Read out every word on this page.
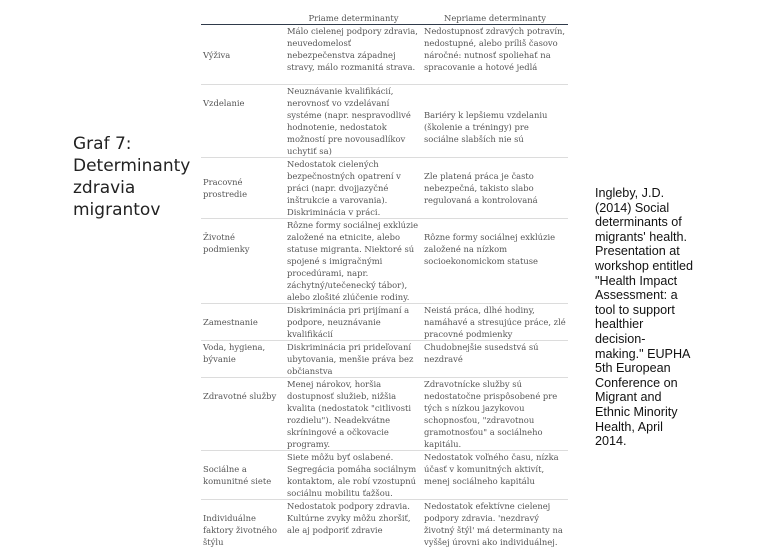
Graf 7: Determinanty zdravia migrantov
	Priame determinanty	Nepriame determinanty
Výživa	Málo cielenej podpory zdravia, neuvedomelosť nebezpečenstva západnej stravy, málo rozmanitá strava.	Nedostupnosť zdravých potravín, nedostupné, alebo príliš časovo náročné: nutnosť spoliehať na spracovanie a hotové jedlá
Vzdelanie	Neuznávanie kvalifikácií, nerovnosť vo vzdelávaní systéme (napr. nespravodlivé hodnotenie, nedostatok možností pre novousadlíkov uchytiť sa)	Bariéry k lepšiemu vzdelaniu (školenie a tréningy) pre sociálne slabších nie sú
Pracovné prostredie	Nedostatok cielených bezpečnostných opatrení v práci (napr. dvojjazyčné inštrukcie a varovania). Diskriminácia v práci.	Zle platená práca je často nebezpečná, takisto slabo regulovaná a kontrolovaná
Životné podmienky	Rôzne formy sociálnej exklúzie založené na etnicite, alebo statuse migranta. Niektoré sú spojené s imigračnými procedúrami, napr. záchytný/utečenecký tábor), alebo zlošité zlúčenie rodiny.	Rôzne formy sociálnej exklúzie založené na nízkom socioekonomickom statuse
Zamestnanie	Diskriminácia pri prijímaní a podpore, neuznávanie kvalifikácií	Neistá práca, dlhé hodiny, namáhavé a stresujúce práce, zlé pracovné podmienky
Voda, hygiena, bývanie	Diskriminácia pri prideľovaní ubytovania, menšie práva bez občianstva	Chudobnejšie susedstvá sú nezdravé
Zdravotné služby	Menej nárokov, horšia dostupnosť služieb, nižšia kvalita (nedostatok "citlivosti rozdielu"). Neadekvátne skríningové a očkovacie programy.	Zdravotnícke služby sú nedostatočne prispôsobené pre tých s nízkou jazykovou schopnosťou, "zdravotnou gramotnosťou" a sociálneho kapitálu.
Sociálne a komunitné siete	Siete môžu byť oslabené. Segregácia pomáha sociálnym kontaktom, ale robí vzostupnú sociálnu mobilitu ťažšou.	Nedostatok voľného času, nízka účasť v komunitných aktivít, menej sociálneho kapitálu
Individuálne faktory životného štýlu	Nedostatok podpory zdravia. Kultúrne zvyky môžu zhoršiť, ale aj podporiť zdravie	Nedostatok efektívne cielenej podpory zdravia. 'nezdravý životný štýl' má determinanty na vyššej úrovni ako individuálnej.
Ingleby, J.D. (2014) Social determinants of migrants' health. Presentation at workshop entitled "Health Impact Assessment: a tool to support healthier decision-making." EUPHA 5th European Conference on Migrant and Ethnic Minority Health, April 2014.
